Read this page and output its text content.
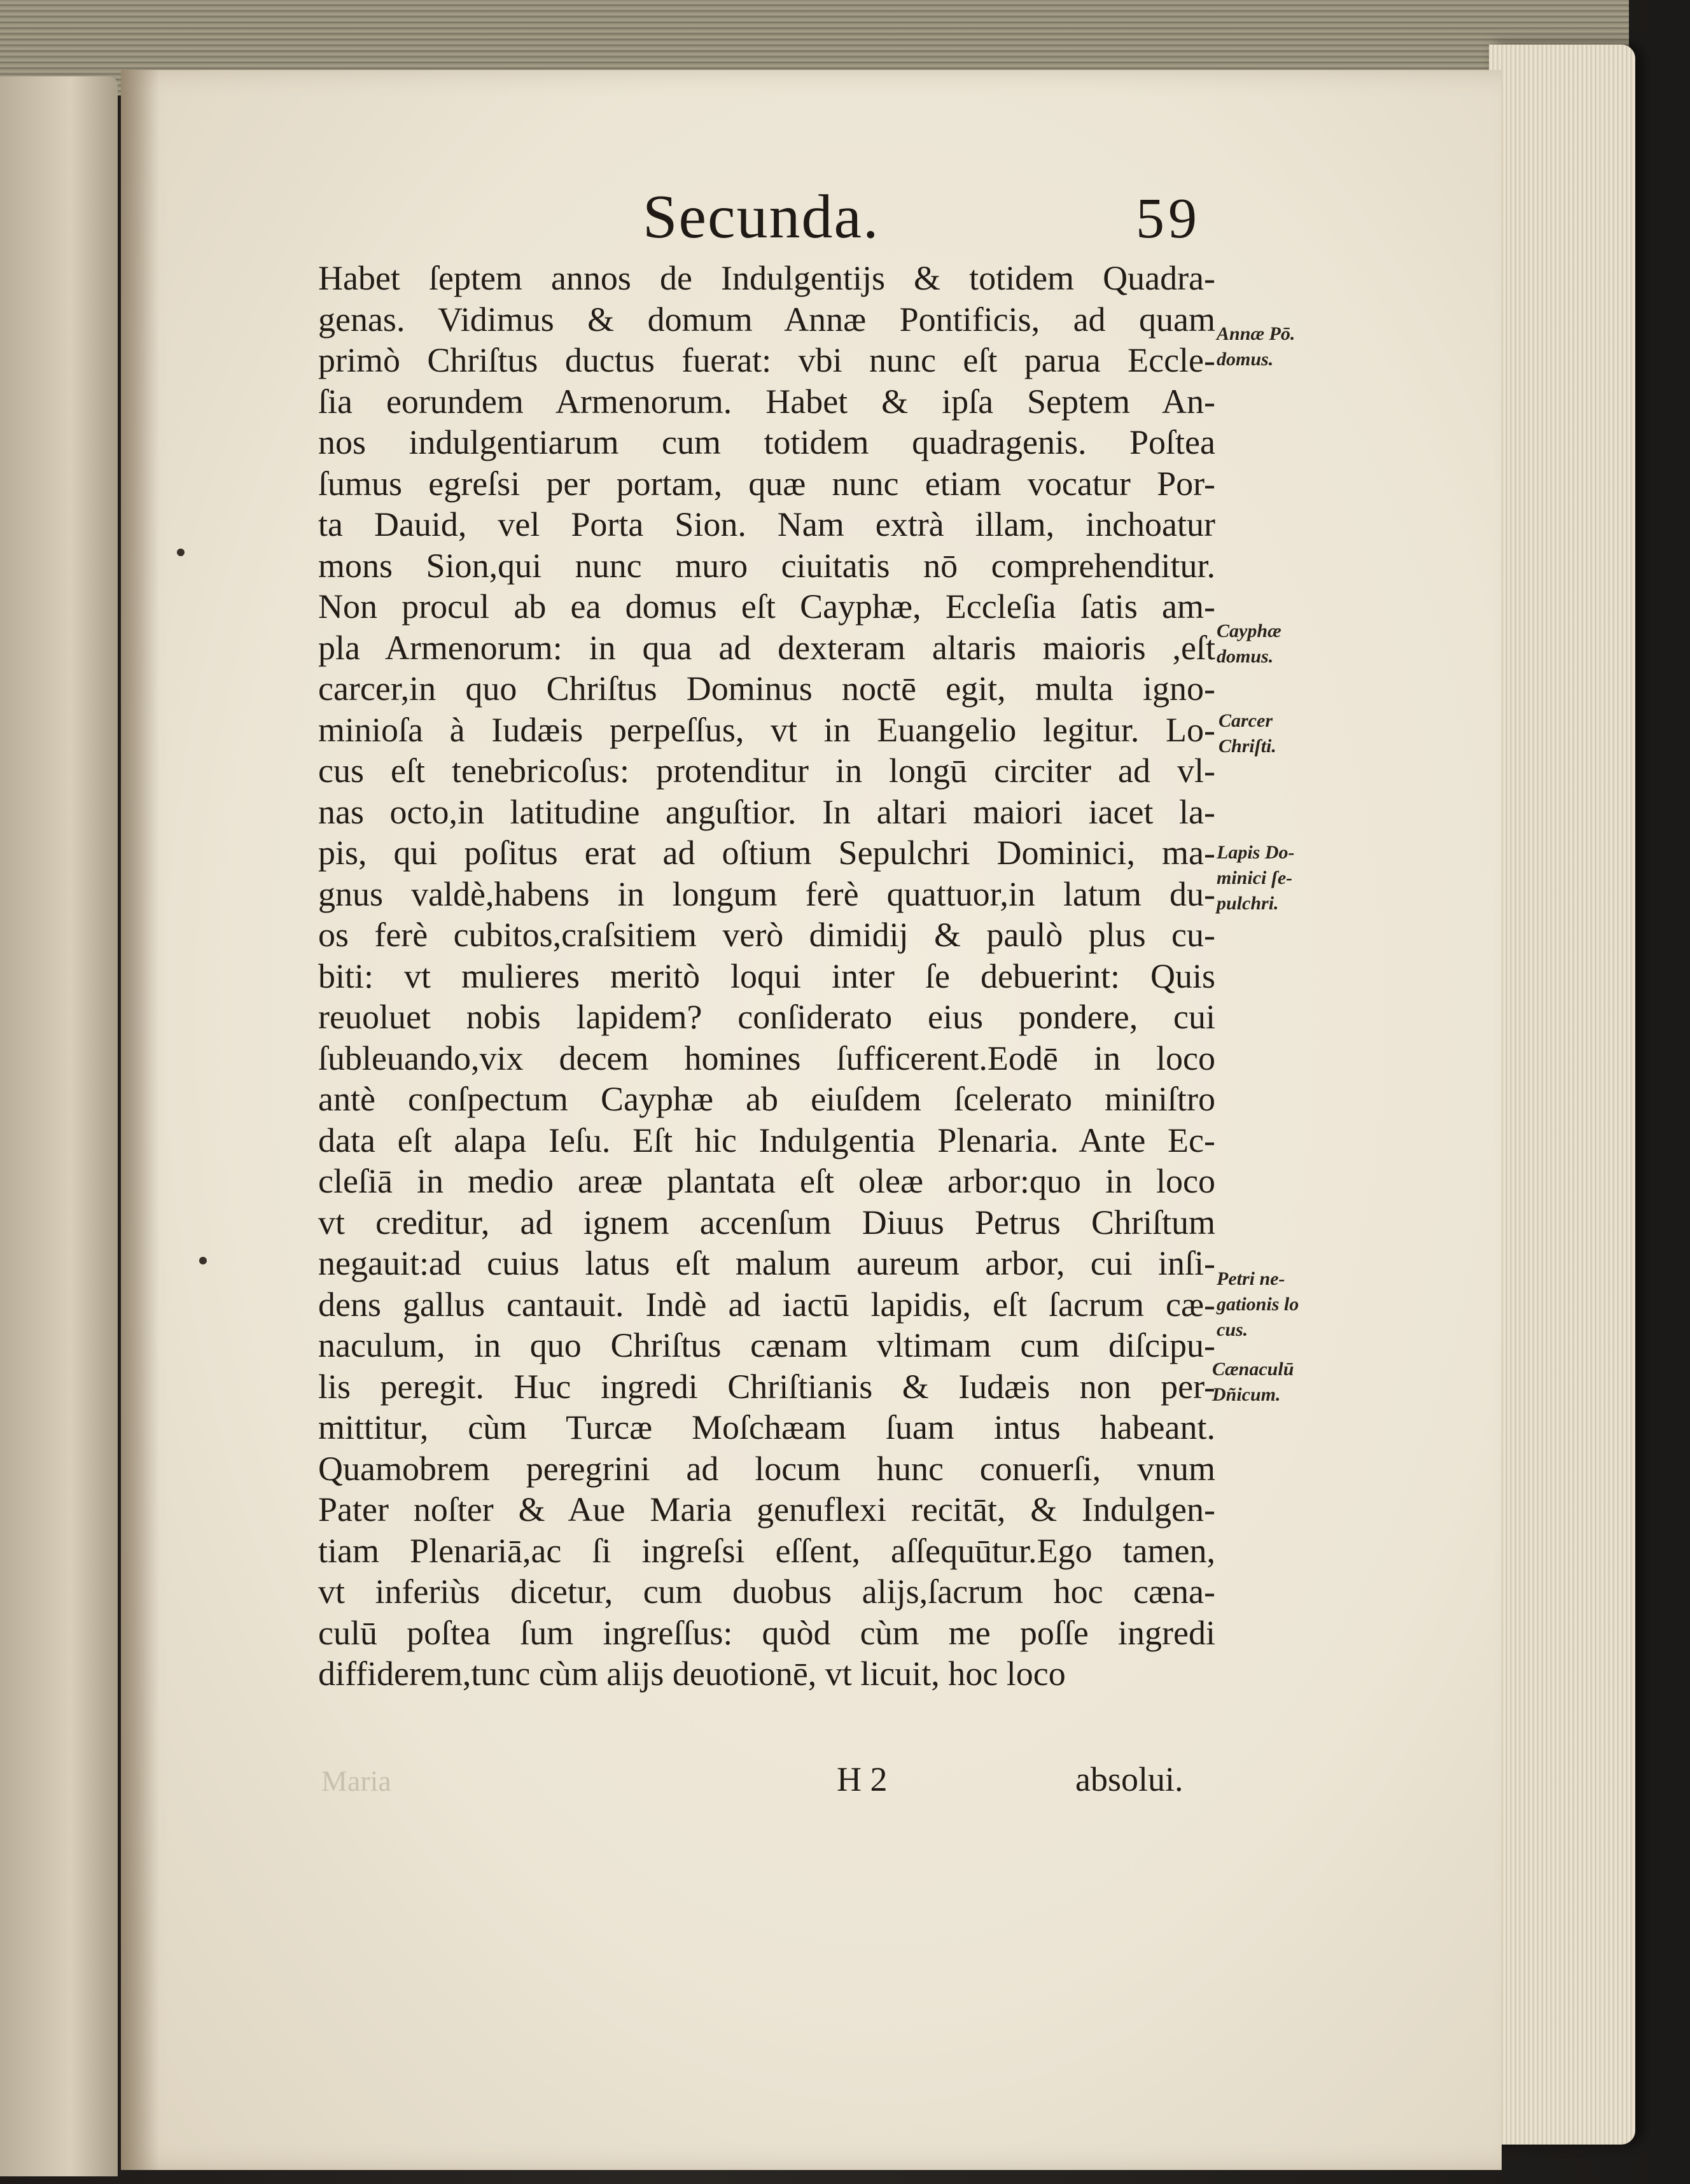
Secunda.	59
Habet ſeptem annos de Indulgentijs & totidem Quadra-
genas. Vidimus & domum Annæ Pontificis, ad quam
primò Chriſtus ductus fuerat: vbi nunc eſt parua Eccle-
ſia eorundem Armenorum. Habet & ipſa Septem An-
nos indulgentiarum cum totidem quadragenis. Poſtea
ſumus egreſsi per portam, quæ nunc etiam vocatur Por-
ta Dauid, vel Porta Sion. Nam extrà illam, inchoatur
mons Sion,qui nunc muro ciuitatis nō comprehenditur.
Non procul ab ea domus eſt Cayphæ, Eccleſia ſatis am-
pla Armenorum: in qua ad dexteram altaris maioris ,eſt
carcer,in quo Chriſtus Dominus noctē egit, multa igno-
minioſa à Iudæis perpeſſus, vt in Euangelio legitur. Lo-
cus eſt tenebricoſus: protenditur in longū circiter ad vl-
nas octo,in latitudine anguſtior. In altari maiori iacet la-
pis, qui poſitus erat ad oſtium Sepulchri Dominici, ma-
gnus valdè,habens in longum ferè quattuor,in latum du-
os ferè cubitos,craſsitiem verò dimidij & paulò plus cu-
biti: vt mulieres meritò loqui inter ſe debuerint: Quis
reuoluet nobis lapidem? conſiderato eius pondere, cui
ſubleuando,vix decem homines ſufficerent.Eodē in loco
antè conſpectum Cayphæ ab eiuſdem ſcelerato miniſtro
data eſt alapa Ieſu. Eſt hic Indulgentia Plenaria. Ante Ec-
cleſiā in medio areæ plantata eſt oleæ arbor:quo in loco
vt creditur, ad ignem accenſum Diuus Petrus Chriſtum
negauit:ad cuius latus eſt malum aureum arbor, cui inſi-
dens gallus cantauit. Indè ad iactū lapidis, eſt ſacrum cæ-
naculum, in quo Chriſtus cænam vltimam cum diſcipu-
lis peregit. Huc ingredi Chriſtianis & Iudæis non per-
mittitur, cùm Turcæ Moſchæam ſuam intus habeant.
Quamobrem peregrini ad locum hunc conuerſi, vnum
Pater noſter & Aue Maria genuflexi recitāt, & Indulgen-
tiam Plenariā,ac ſi ingreſsi eſſent, aſſequūtur.Ego tamen,
vt inferiùs dicetur, cum duobus alijs,ſacrum hoc cæna-
culū poſtea ſum ingreſſus: quòd cùm me poſſe ingredi
diffiderem,tunc cùm alijs deuotionē, vt licuit, hoc loco
Annæ Pō.
domus.
Cayphæ
domus.
Carcer
Chriſti.
Lapis Do-
minici ſe-
pulchri.
Petri ne-
gationis lo
cus.
Cænaculū
Dñicum.
Maria	H 2	absolui.
